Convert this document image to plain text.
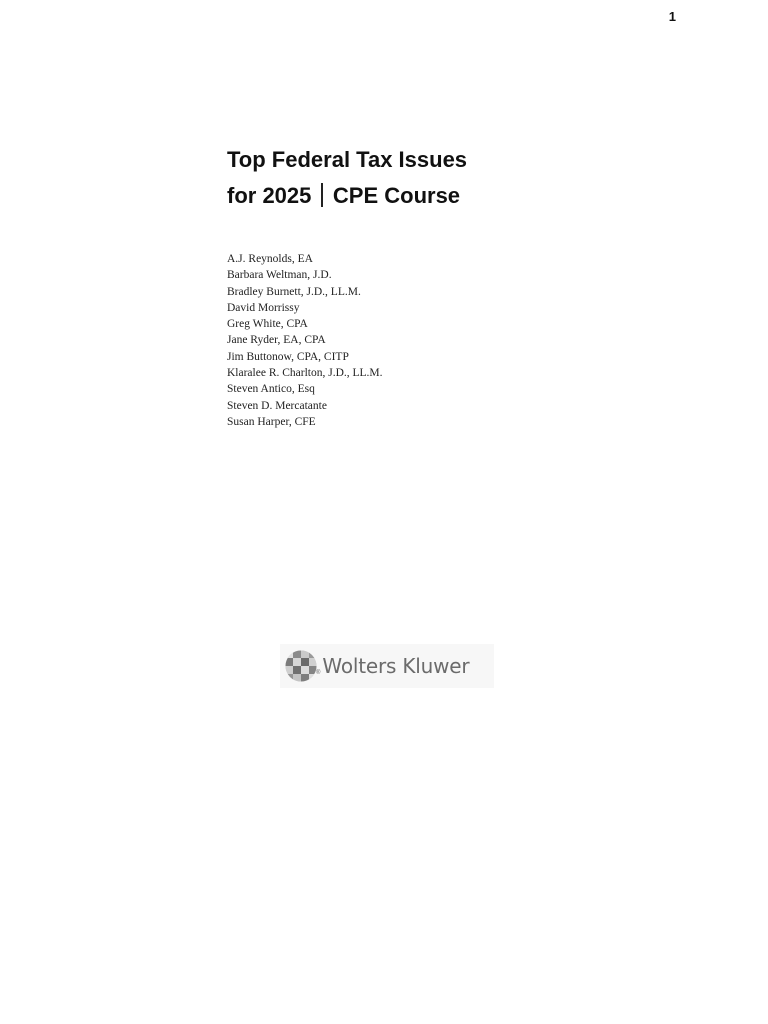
1
Top Federal Tax Issues
for 2025 CPE Course
A.J. Reynolds, EA
Barbara Weltman, J.D.
Bradley Burnett, J.D., LL.M.
David Morrissy
Greg White, CPA
Jane Ryder, EA, CPA
Jim Buttonow, CPA, CITP
Klaralee R. Charlton, J.D., LL.M.
Steven Antico, Esq
Steven D. Mercatante
Susan Harper, CFE
® Wolters Kluwer
